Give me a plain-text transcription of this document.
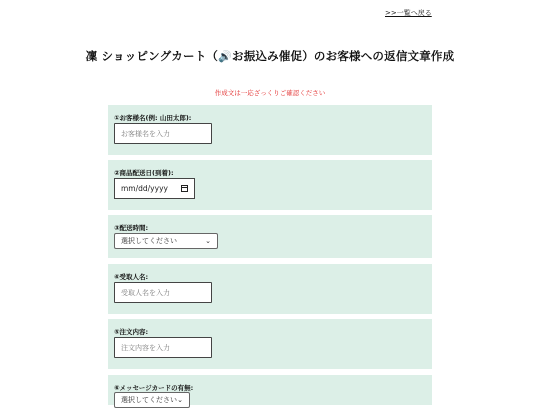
>>一覧へ戻る
凜 ショッピングカート（🔊お振込み催促）のお客様への返信文章作成
作成文は一応ざっくりご確認ください
①お客様名(例: 山田太郎):
お客様名を入力
②商品配送日(到着):
mm/dd/yyyy
③配送時間:
選択してください	⌄
④受取人名:
受取人名を入力
⑤注文内容:
注文内容を入力
⑥メッセージカードの有無:
選択してください ⌄
